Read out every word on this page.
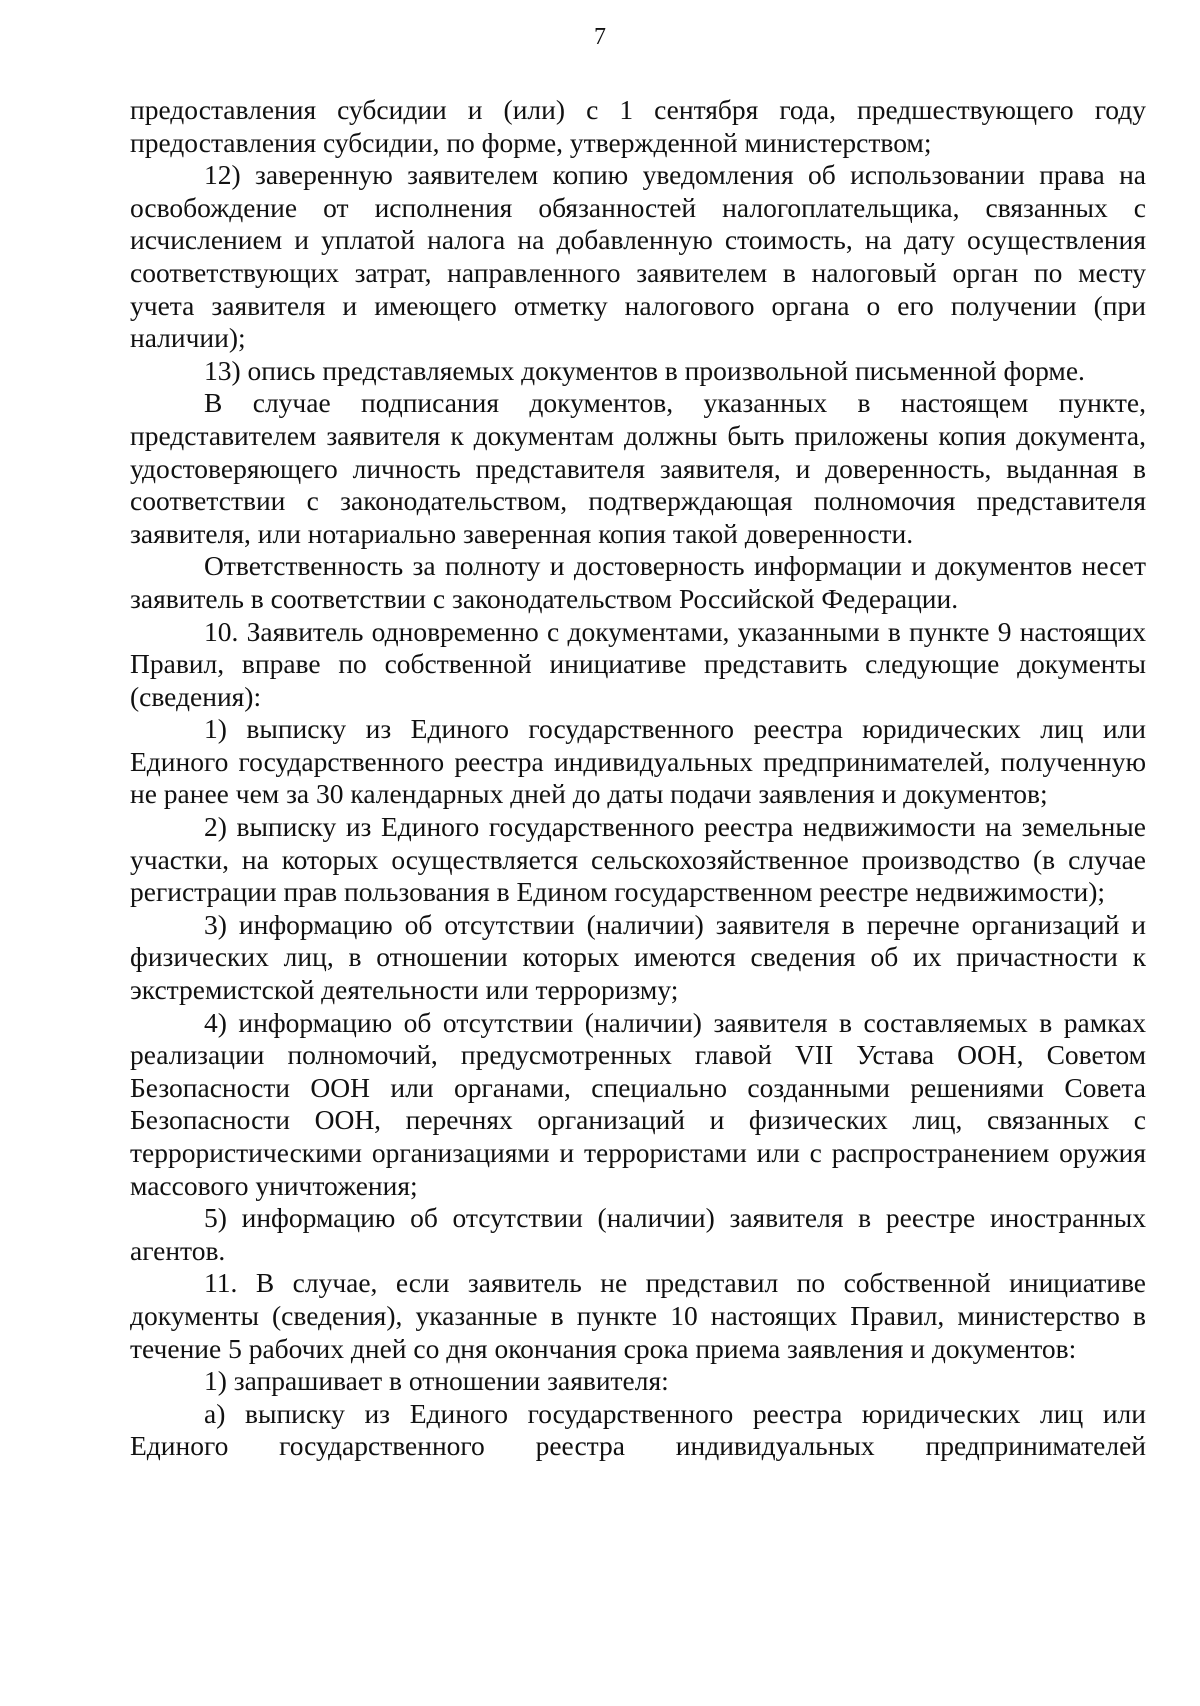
7

предоставления субсидии и (или) с 1 сентября года, предшествующего году предоставления субсидии, по форме, утвержденной министерством;

12) заверенную заявителем копию уведомления об использовании права на освобождение от исполнения обязанностей налогоплательщика, связанных с исчислением и уплатой налога на добавленную стоимость, на дату осуществления соответствующих затрат, направленного заявителем в налоговый орган по месту учета заявителя и имеющего отметку налогового органа о его получении (при наличии);

13) опись представляемых документов в произвольной письменной форме.

В случае подписания документов, указанных в настоящем пункте, представителем заявителя к документам должны быть приложены копия документа, удостоверяющего личность представителя заявителя, и доверенность, выданная в соответствии с законодательством, подтверждающая полномочия представителя заявителя, или нотариально заверенная копия такой доверенности.

Ответственность за полноту и достоверность информации и документов несет заявитель в соответствии с законодательством Российской Федерации.

10. Заявитель одновременно с документами, указанными в пункте 9 настоящих Правил, вправе по собственной инициативе представить следующие документы (сведения):

1) выписку из Единого государственного реестра юридических лиц или Единого государственного реестра индивидуальных предпринимателей, полученную не ранее чем за 30 календарных дней до даты подачи заявления и документов;

2) выписку из Единого государственного реестра недвижимости на земельные участки, на которых осуществляется сельскохозяйственное производство (в случае регистрации прав пользования в Едином государственном реестре недвижимости);

3) информацию об отсутствии (наличии) заявителя в перечне организаций и физических лиц, в отношении которых имеются сведения об их причастности к экстремистской деятельности или терроризму;

4) информацию об отсутствии (наличии) заявителя в составляемых в рамках реализации полномочий, предусмотренных главой VII Устава ООН, Советом Безопасности ООН или органами, специально созданными решениями Совета Безопасности ООН, перечнях организаций и физических лиц, связанных с террористическими организациями и террористами или с распространением оружия массового уничтожения;

5) информацию об отсутствии (наличии) заявителя в реестре иностранных агентов.

11. В случае, если заявитель не представил по собственной инициативе документы (сведения), указанные в пункте 10 настоящих Правил, министерство в течение 5 рабочих дней со дня окончания срока приема заявления и документов:

1) запрашивает в отношении заявителя:

а) выписку из Единого государственного реестра юридических лиц или Единого государственного реестра индивидуальных предпринимателей
